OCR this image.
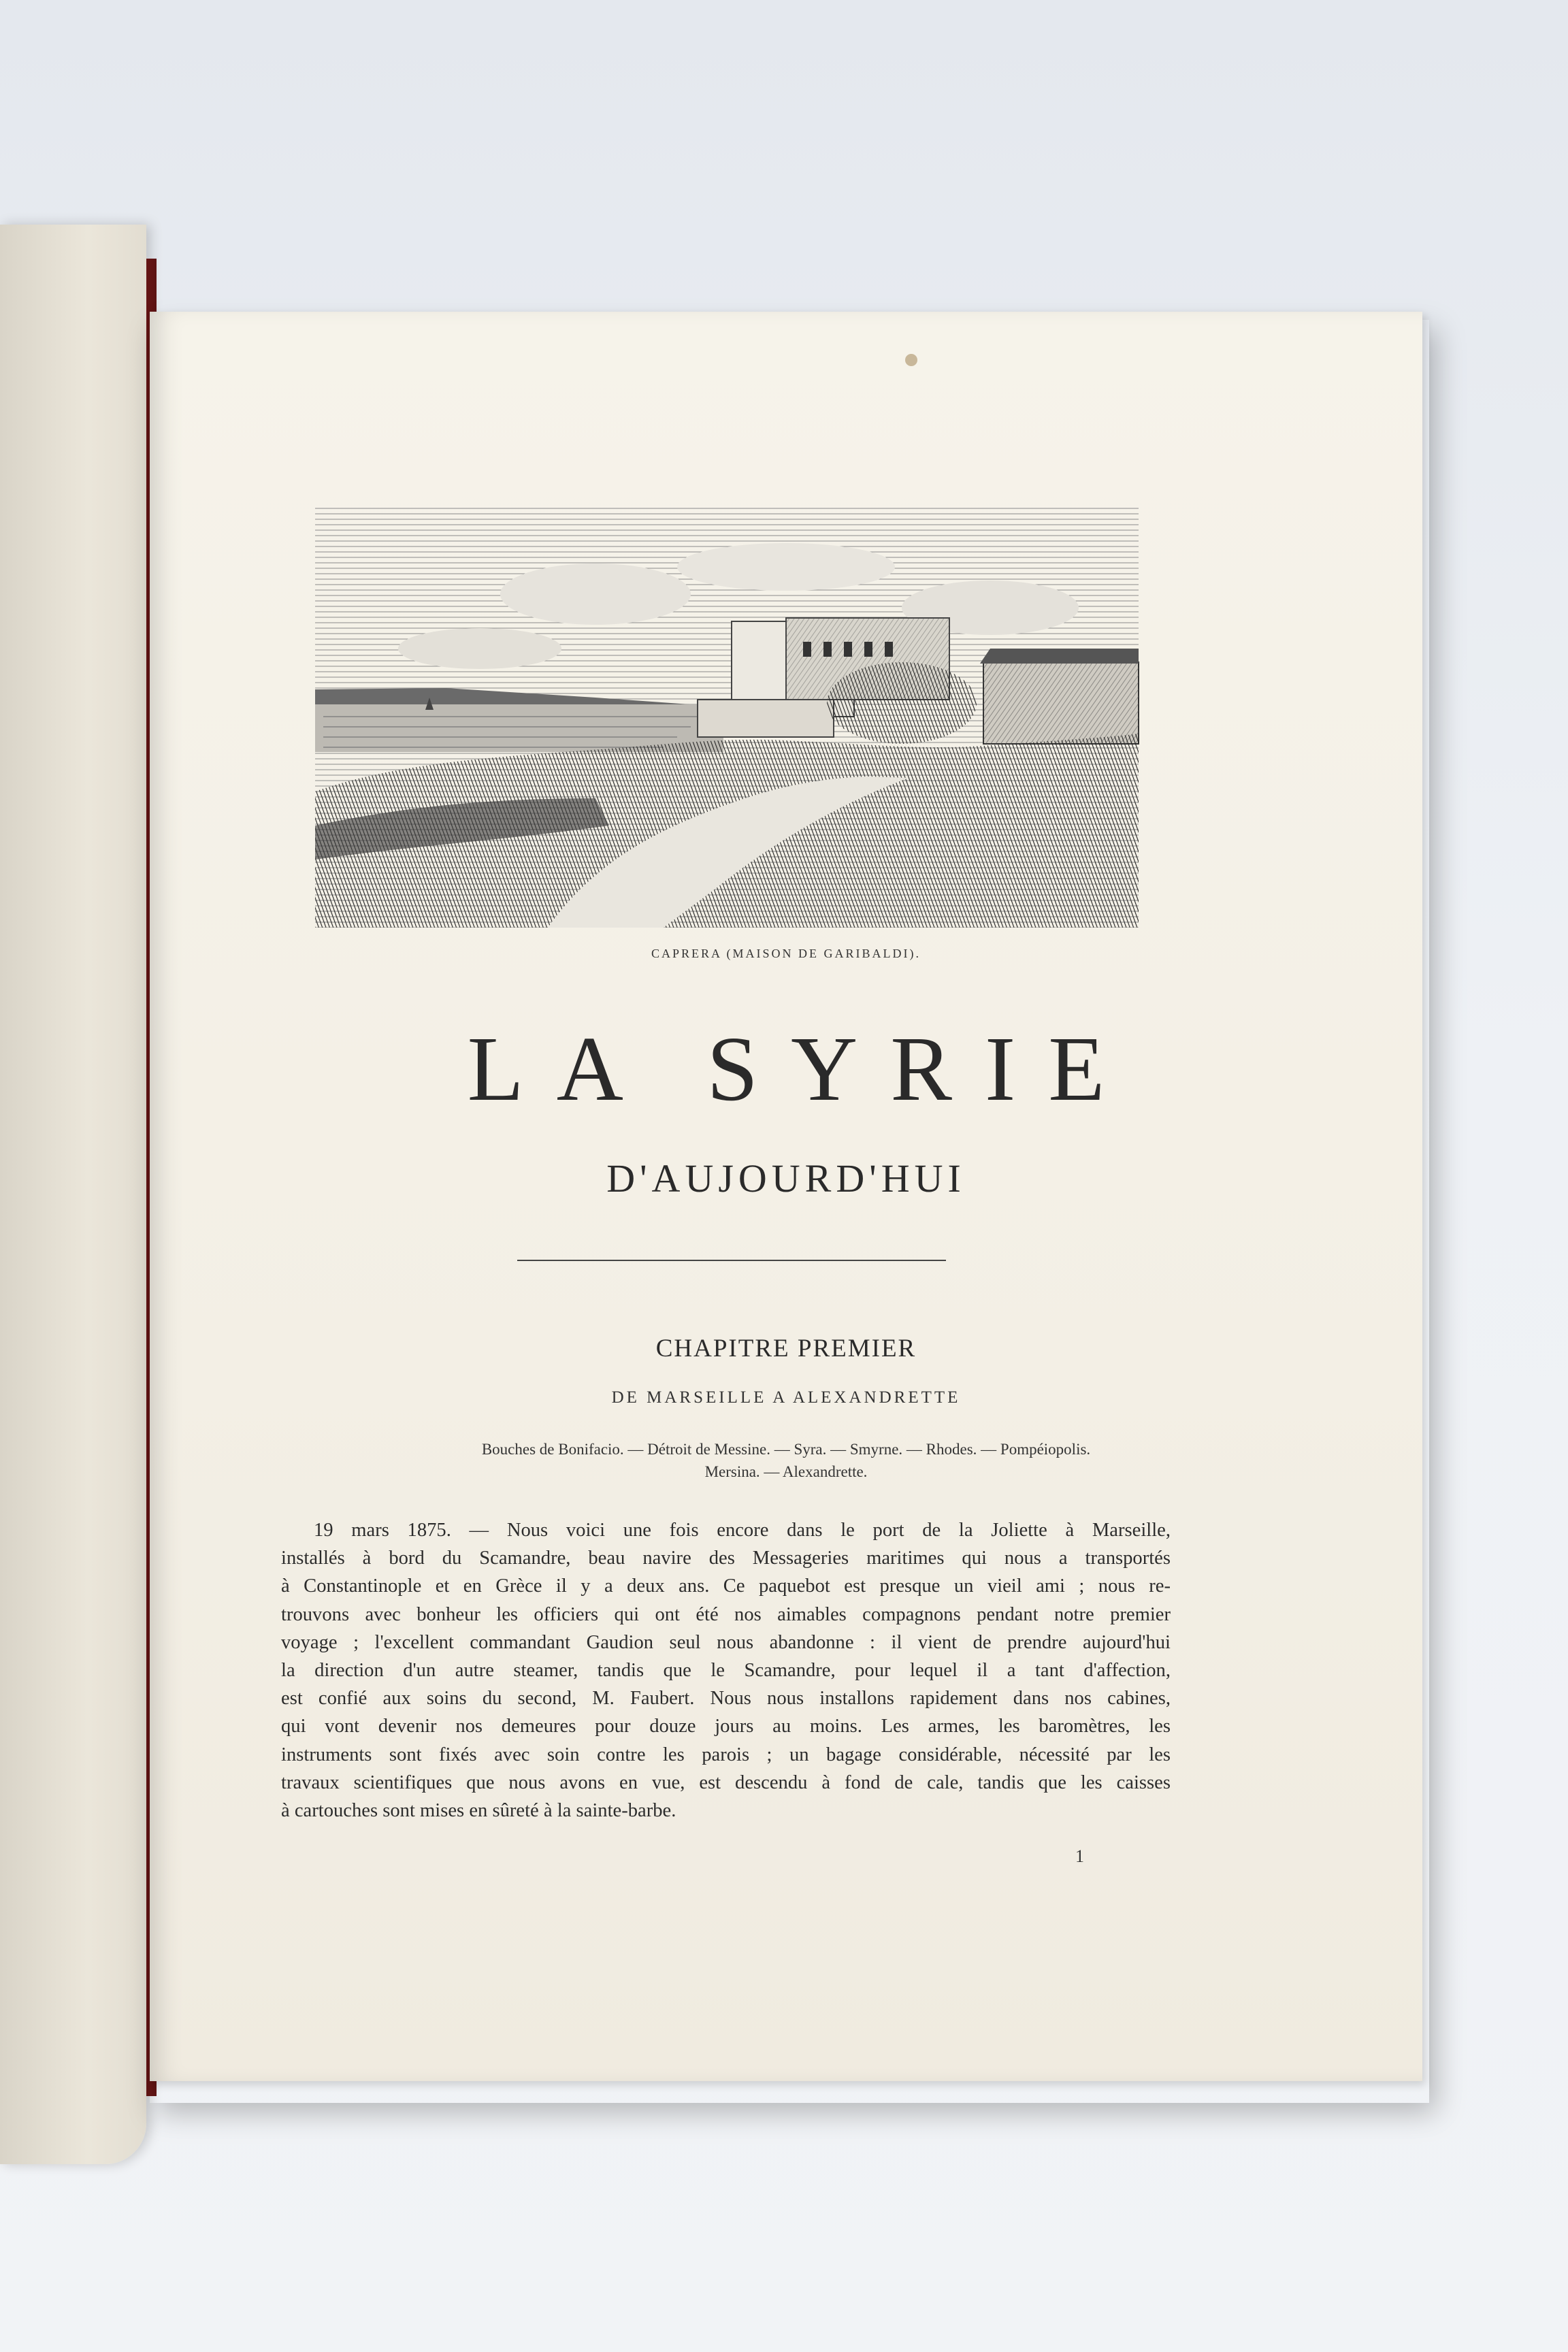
CAPRERA (MAISON DE GARIBALDI).
LA SYRIE
D'AUJOURD'HUI
CHAPITRE PREMIER
DE MARSEILLE A ALEXANDRETTE
Bouches de Bonifacio. — Détroit de Messine. — Syra. — Smyrne. — Rhodes. — Pompéiopolis.
Mersina. — Alexandrette.
19 mars 1875. — Nous voici une fois encore dans le port de la Joliette à Marseille,
installés à bord du Scamandre, beau navire des Messageries maritimes qui nous a transportés
à Constantinople et en Grèce il y a deux ans. Ce paquebot est presque un vieil ami ; nous re-
trouvons avec bonheur les officiers qui ont été nos aimables compagnons pendant notre premier
voyage ; l'excellent commandant Gaudion seul nous abandonne : il vient de prendre aujourd'hui
la direction d'un autre steamer, tandis que le Scamandre, pour lequel il a tant d'affection,
est confié aux soins du second, M. Faubert. Nous nous installons rapidement dans nos cabines,
qui vont devenir nos demeures pour douze jours au moins. Les armes, les baromètres, les
instruments sont fixés avec soin contre les parois ; un bagage considérable, nécessité par les
travaux scientifiques que nous avons en vue, est descendu à fond de cale, tandis que les caisses
à cartouches sont mises en sûreté à la sainte-barbe.
1
